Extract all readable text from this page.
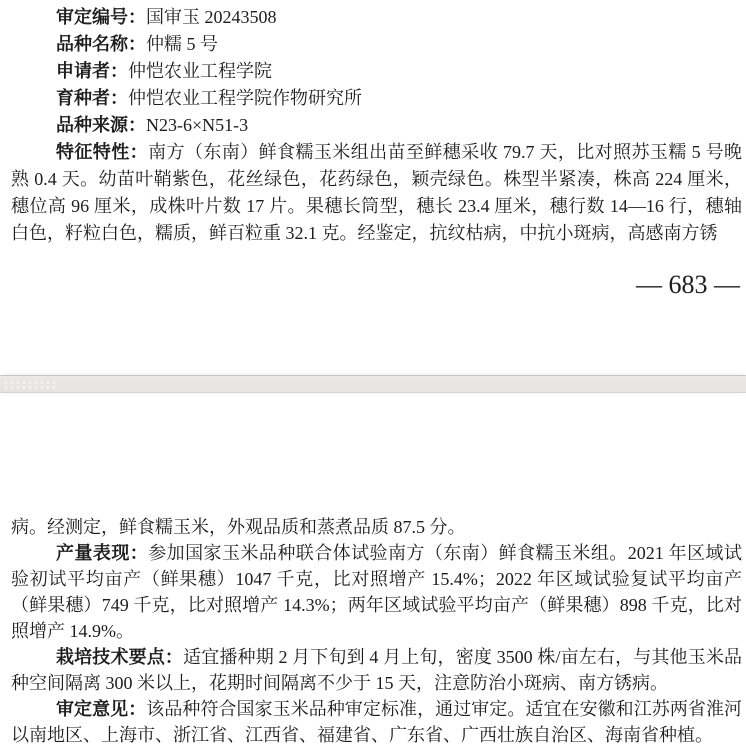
审定编号：国审玉 20243508
品种名称：仲糯 5 号
申请者：仲恺农业工程学院
育种者：仲恺农业工程学院作物研究所
品种来源：N23-6×N51-3

特征特性：南方（东南）鲜食糯玉米组出苗至鲜穗采收 79.7 天，比对照苏玉糯 5 号晚熟 0.4 天。幼苗叶鞘紫色，花丝绿色，花药绿色，颖壳绿色。株型半紧凑，株高 224 厘米，穗位高 96 厘米，成株叶片数 17 片。果穗长筒型，穗长 23.4 厘米，穗行数 14—16 行，穗轴白色，籽粒白色，糯质，鲜百粒重 32.1 克。经鉴定，抗纹枯病，中抗小斑病，高感南方锈

— 683 —

病。经测定，鲜食糯玉米，外观品质和蒸煮品质 87.5 分。

产量表现：参加国家玉米品种联合体试验南方（东南）鲜食糯玉米组。2021 年区域试验初试平均亩产（鲜果穗）1047 千克，比对照增产 15.4%；2022 年区域试验复试平均亩产（鲜果穗）749 千克，比对照增产 14.3%；两年区域试验平均亩产（鲜果穗）898 千克，比对照增产 14.9%。

栽培技术要点：适宜播种期 2 月下旬到 4 月上旬，密度 3500 株/亩左右，与其他玉米品种空间隔离 300 米以上，花期时间隔离不少于 15 天，注意防治小斑病、南方锈病。

审定意见：该品种符合国家玉米品种审定标准，通过审定。适宜在安徽和江苏两省淮河以南地区、上海市、浙江省、江西省、福建省、广东省、广西壮族自治区、海南省种植。
